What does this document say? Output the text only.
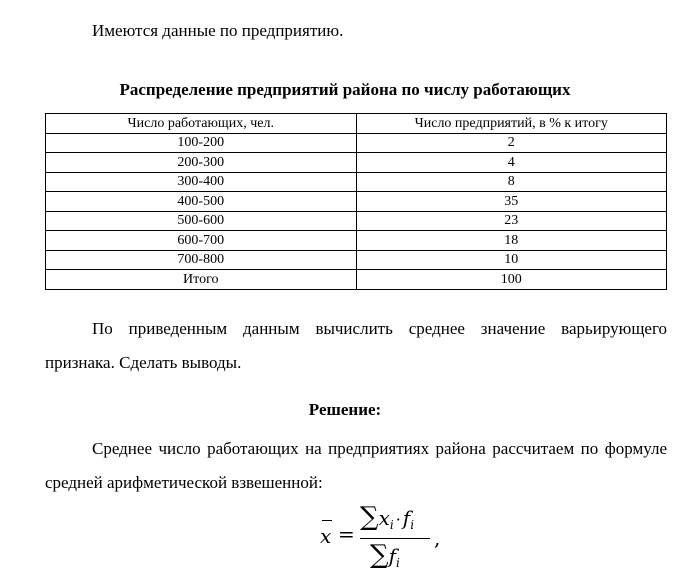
Имеются данные по предприятию.

Распределение предприятий района по числу работающих
Число работающих, чел.	Число предприятий, в % к итогу
100-200	2
200-300	4
300-400	8
400-500	35
500-600	23
600-700	18
700-800	10
Итого	100

По приведенным данным вычислить среднее значение варьирующего признака. Сделать выводы.

Решение:

Среднее число работающих на предприятиях района рассчитаем по формуле средней арифметической взвешенной:

x =
$\sum x_i \cdot f_i$
$\sum f_i$
,
